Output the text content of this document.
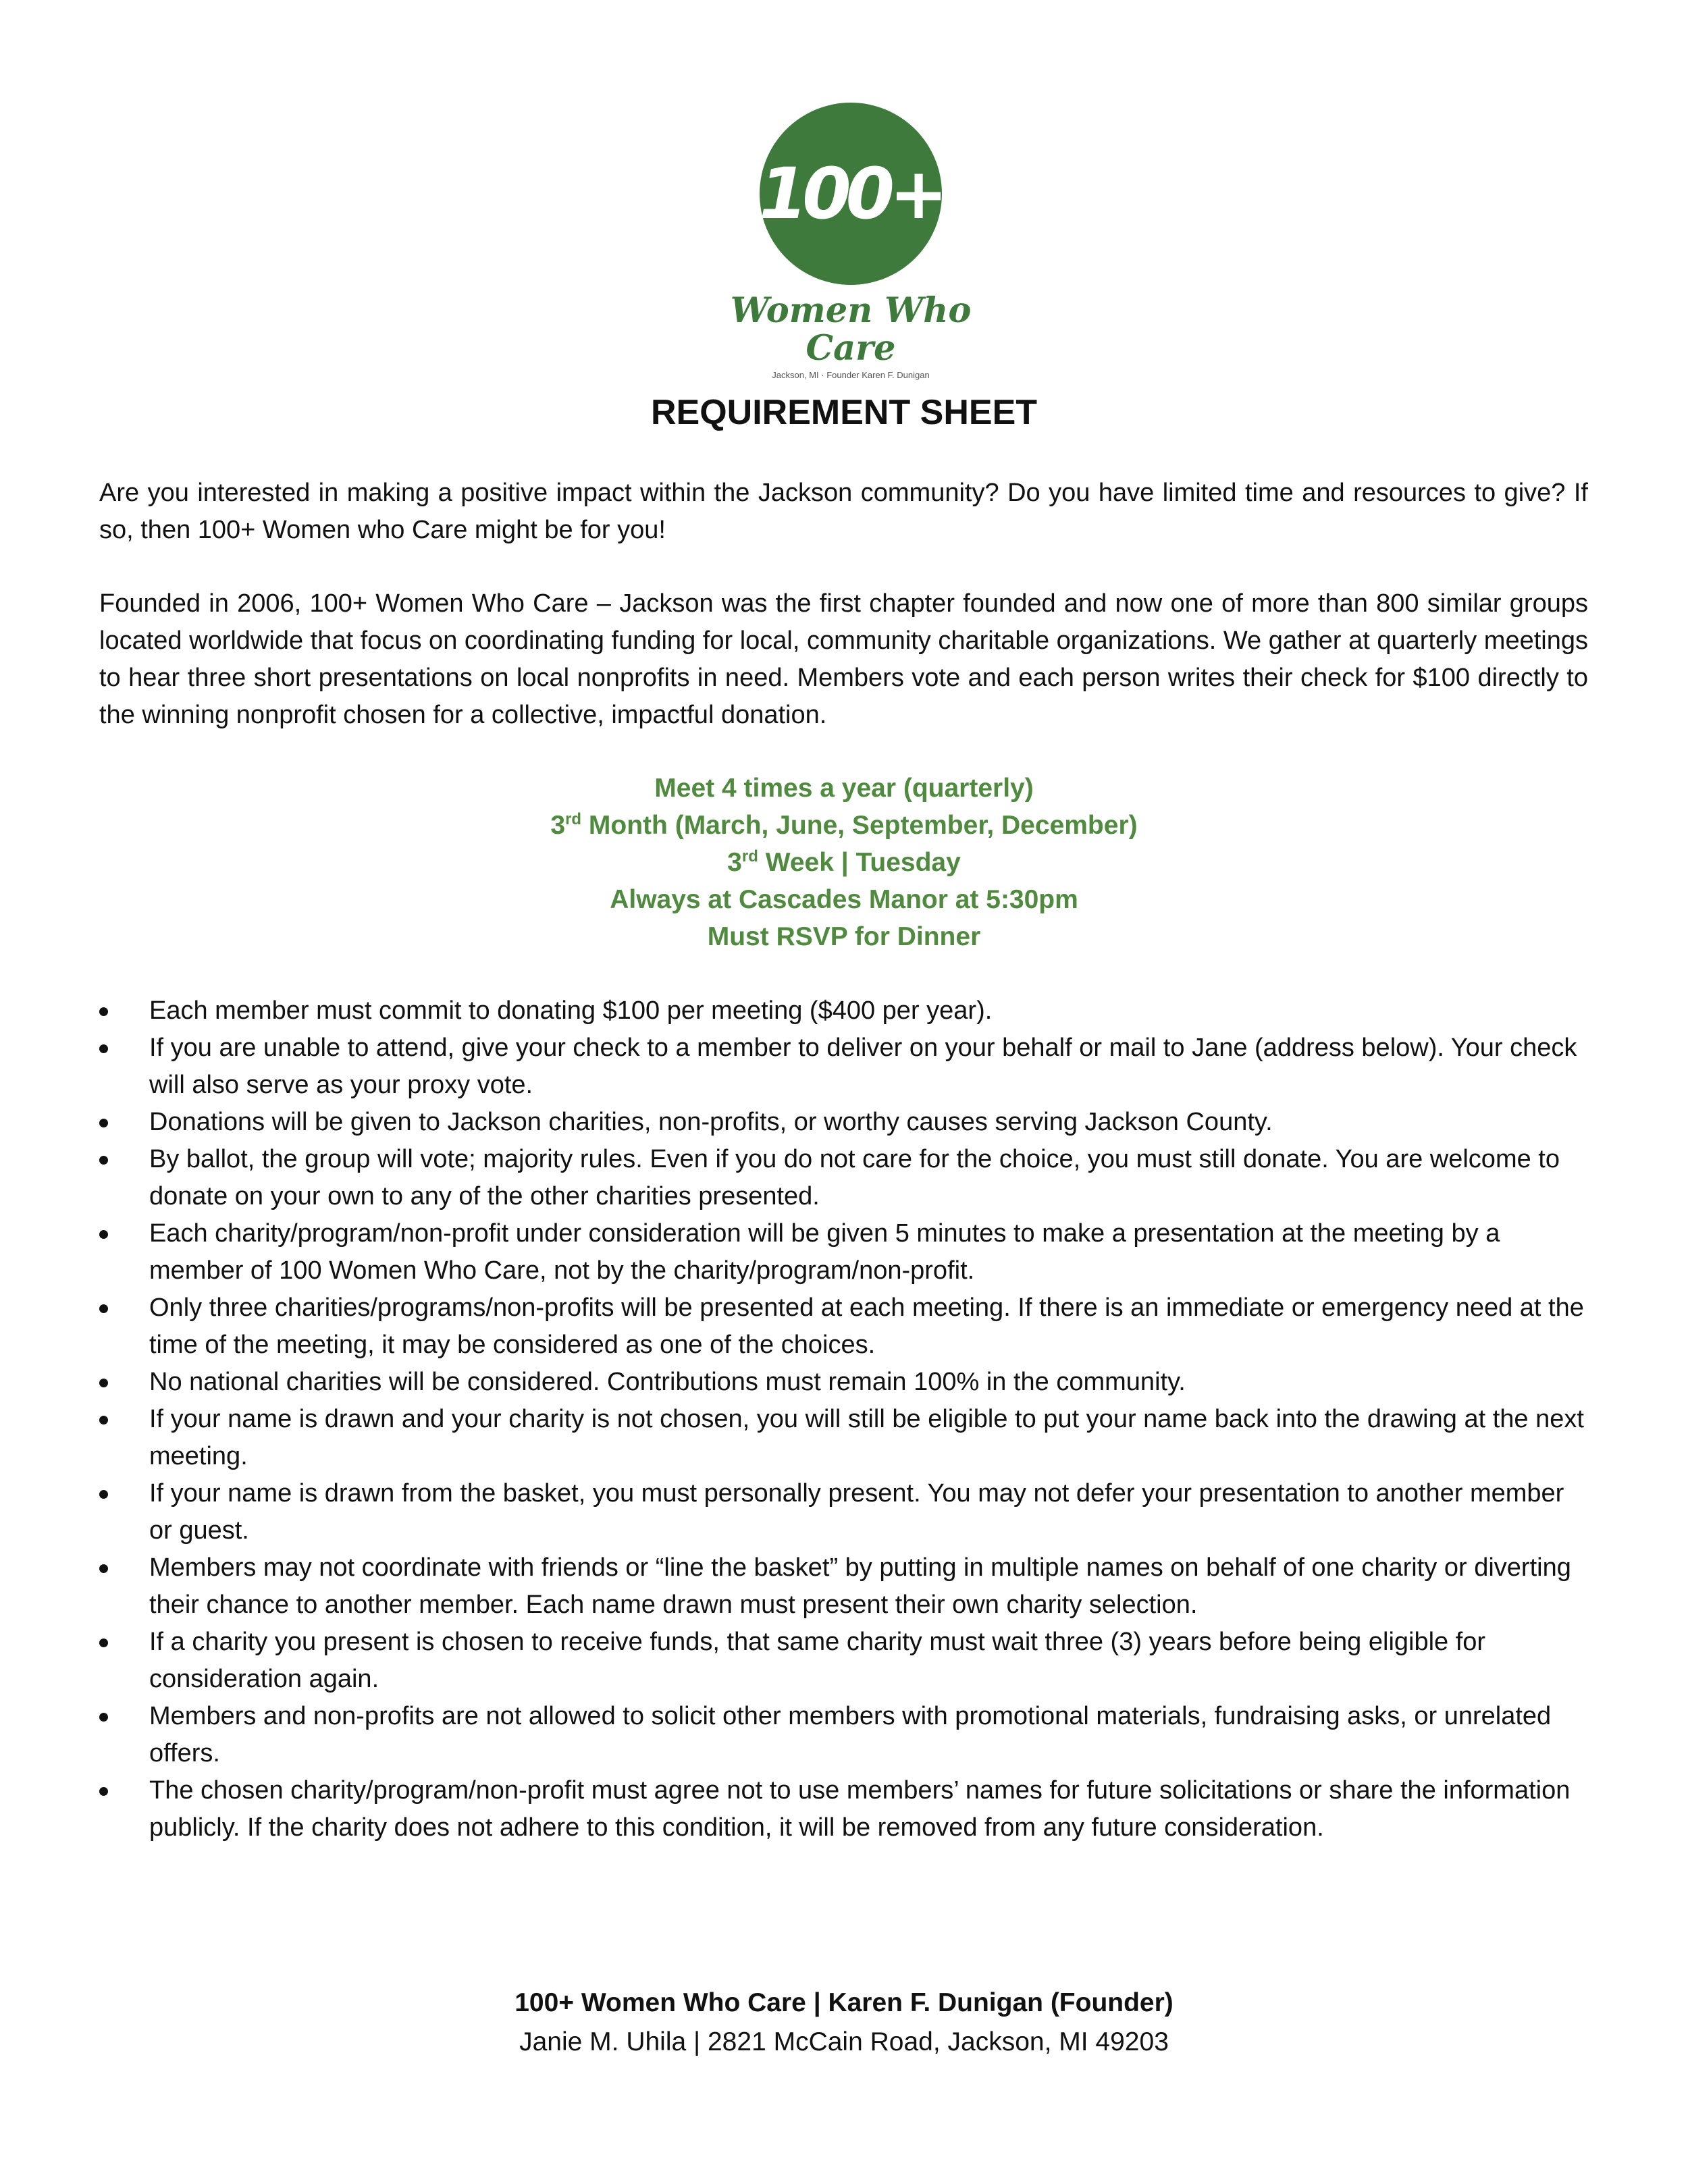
100+
Women Who Care
Jackson, MI · Founder Karen F. Dunigan
REQUIREMENT SHEET
Are you interested in making a positive impact within the Jackson community? Do you have limited time and resources to give? If so, then 100+ Women who Care might be for you!
Founded in 2006, 100+ Women Who Care – Jackson was the first chapter founded and now one of more than 800 similar groups located worldwide that focus on coordinating funding for local, community charitable organizations. We gather at quarterly meetings to hear three short presentations on local nonprofits in need. Members vote and each person writes their check for $100 directly to the winning nonprofit chosen for a collective, impactful donation.
Meet 4 times a year (quarterly)
3rd Month (March, June, September, December)
3rd Week | Tuesday
Always at Cascades Manor at 5:30pm
Must RSVP for Dinner
Each member must commit to donating $100 per meeting ($400 per year).
If you are unable to attend, give your check to a member to deliver on your behalf or mail to Jane (address below). Your check will also serve as your proxy vote.
Donations will be given to Jackson charities, non-profits, or worthy causes serving Jackson County.
By ballot, the group will vote; majority rules. Even if you do not care for the choice, you must still donate. You are welcome to donate on your own to any of the other charities presented.
Each charity/program/non-profit under consideration will be given 5 minutes to make a presentation at the meeting by a member of 100 Women Who Care, not by the charity/program/non-profit.
Only three charities/programs/non-profits will be presented at each meeting. If there is an immediate or emergency need at the time of the meeting, it may be considered as one of the choices.
No national charities will be considered. Contributions must remain 100% in the community.
If your name is drawn and your charity is not chosen, you will still be eligible to put your name back into the drawing at the next meeting.
If your name is drawn from the basket, you must personally present. You may not defer your presentation to another member or guest.
Members may not coordinate with friends or “line the basket” by putting in multiple names on behalf of one charity or diverting their chance to another member. Each name drawn must present their own charity selection.
If a charity you present is chosen to receive funds, that same charity must wait three (3) years before being eligible for consideration again.
Members and non-profits are not allowed to solicit other members with promotional materials, fundraising asks, or unrelated offers.
The chosen charity/program/non-profit must agree not to use members’ names for future solicitations or share the information publicly. If the charity does not adhere to this condition, it will be removed from any future consideration.
100+ Women Who Care | Karen F. Dunigan (Founder)
Janie M. Uhila | 2821 McCain Road, Jackson, MI 49203
